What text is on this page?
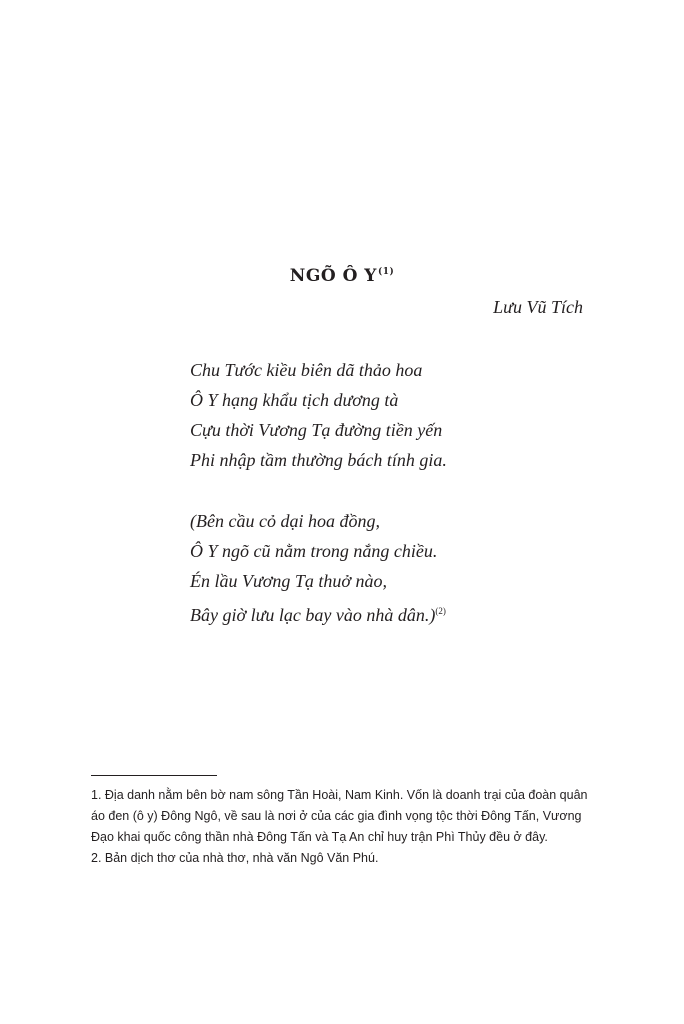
NGÕ Ô $Y^{(1)}$
Lưu Vũ Tích
Chu Tước kiều biên dã thảo hoa
Ô Y hạng khẩu tịch dương tà
Cựu thời Vương Tạ đường tiền yến
Phi nhập tầm thường bách tính gia.
(Bên cầu cỏ dại hoa đồng,
Ô Y ngõ cũ nằm trong nắng chiều.
Én lầu Vương Tạ thuở nào,
Bây giờ lưu lạc bay vào nhà dân.)$^{(2)}$
1. Địa danh nằm bên bờ nam sông Tần Hoài, Nam Kinh. Vốn là doanh trại của đoàn quân áo đen (ô y) Đông Ngô, về sau là nơi ở của các gia đình vọng tộc thời Đông Tấn, Vương Đạo khai quốc công thần nhà Đông Tấn và Tạ An chỉ huy trận Phì Thủy đều ở đây.
2. Bản dịch thơ của nhà thơ, nhà văn Ngô Văn Phú.
